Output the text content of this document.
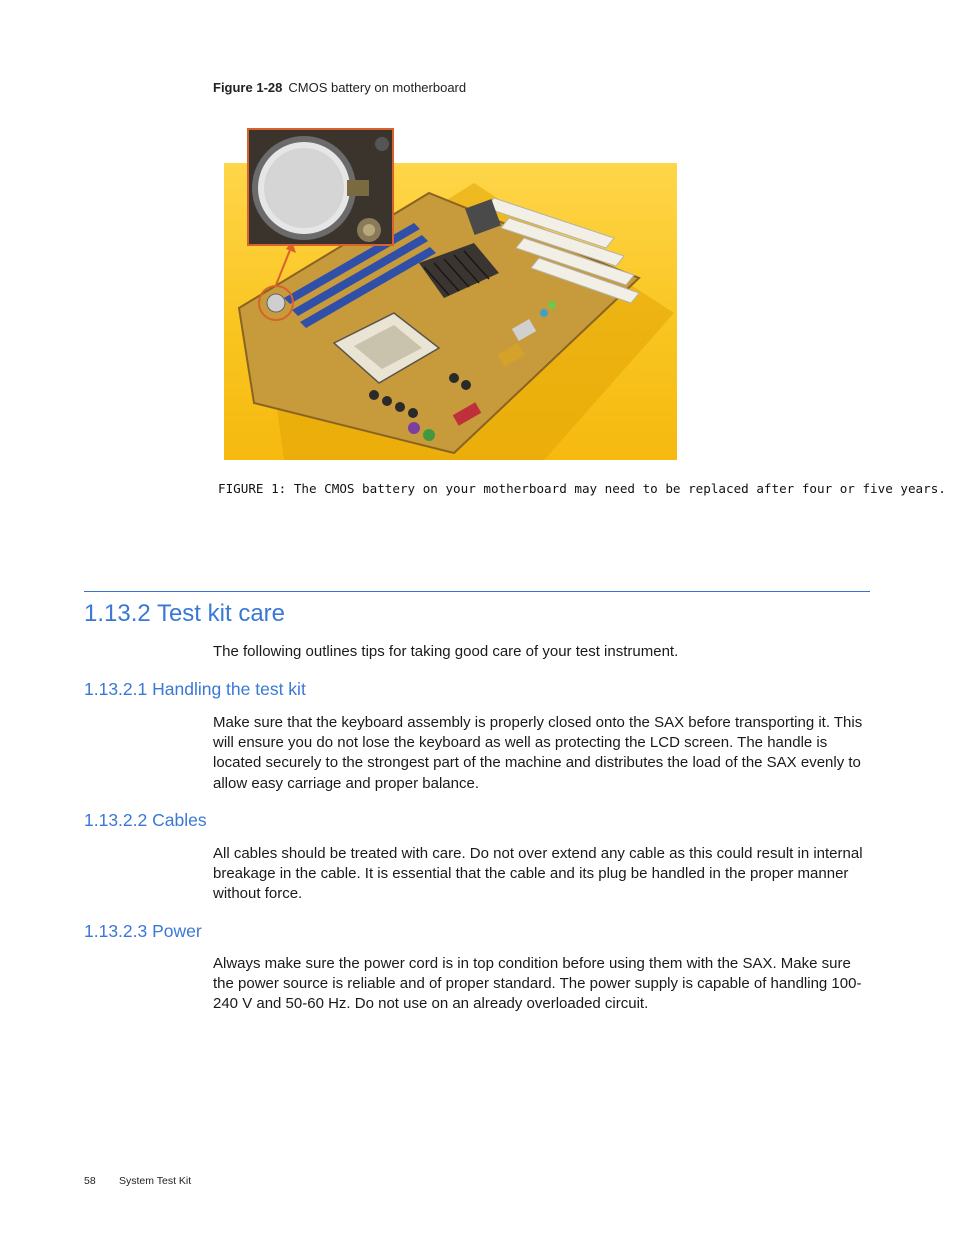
Figure 1-28 CMOS battery on motherboard
FIGURE 1: The CMOS battery on your motherboard may need to be replaced after four or five years.
1.13.2 Test kit care

The following outlines tips for taking good care of your test instrument.

1.13.2.1 Handling the test kit

Make sure that the keyboard assembly is properly closed onto the SAX before transporting it. This will ensure you do not lose the keyboard as well as protecting the LCD screen. The handle is located securely to the strongest part of the machine and distributes the load of the SAX evenly to allow easy carriage and proper balance.

1.13.2.2 Cables

All cables should be treated with care. Do not over extend any cable as this could result in internal breakage in the cable. It is essential that the cable and its plug be handled in the proper manner without force.

1.13.2.3 Power

Always make sure the power cord is in top condition before using them with the SAX. Make sure the power source is reliable and of proper standard. The power supply is capable of handling 100-240 V and 50-60 Hz. Do not use on an already overloaded circuit.

58 System Test Kit
